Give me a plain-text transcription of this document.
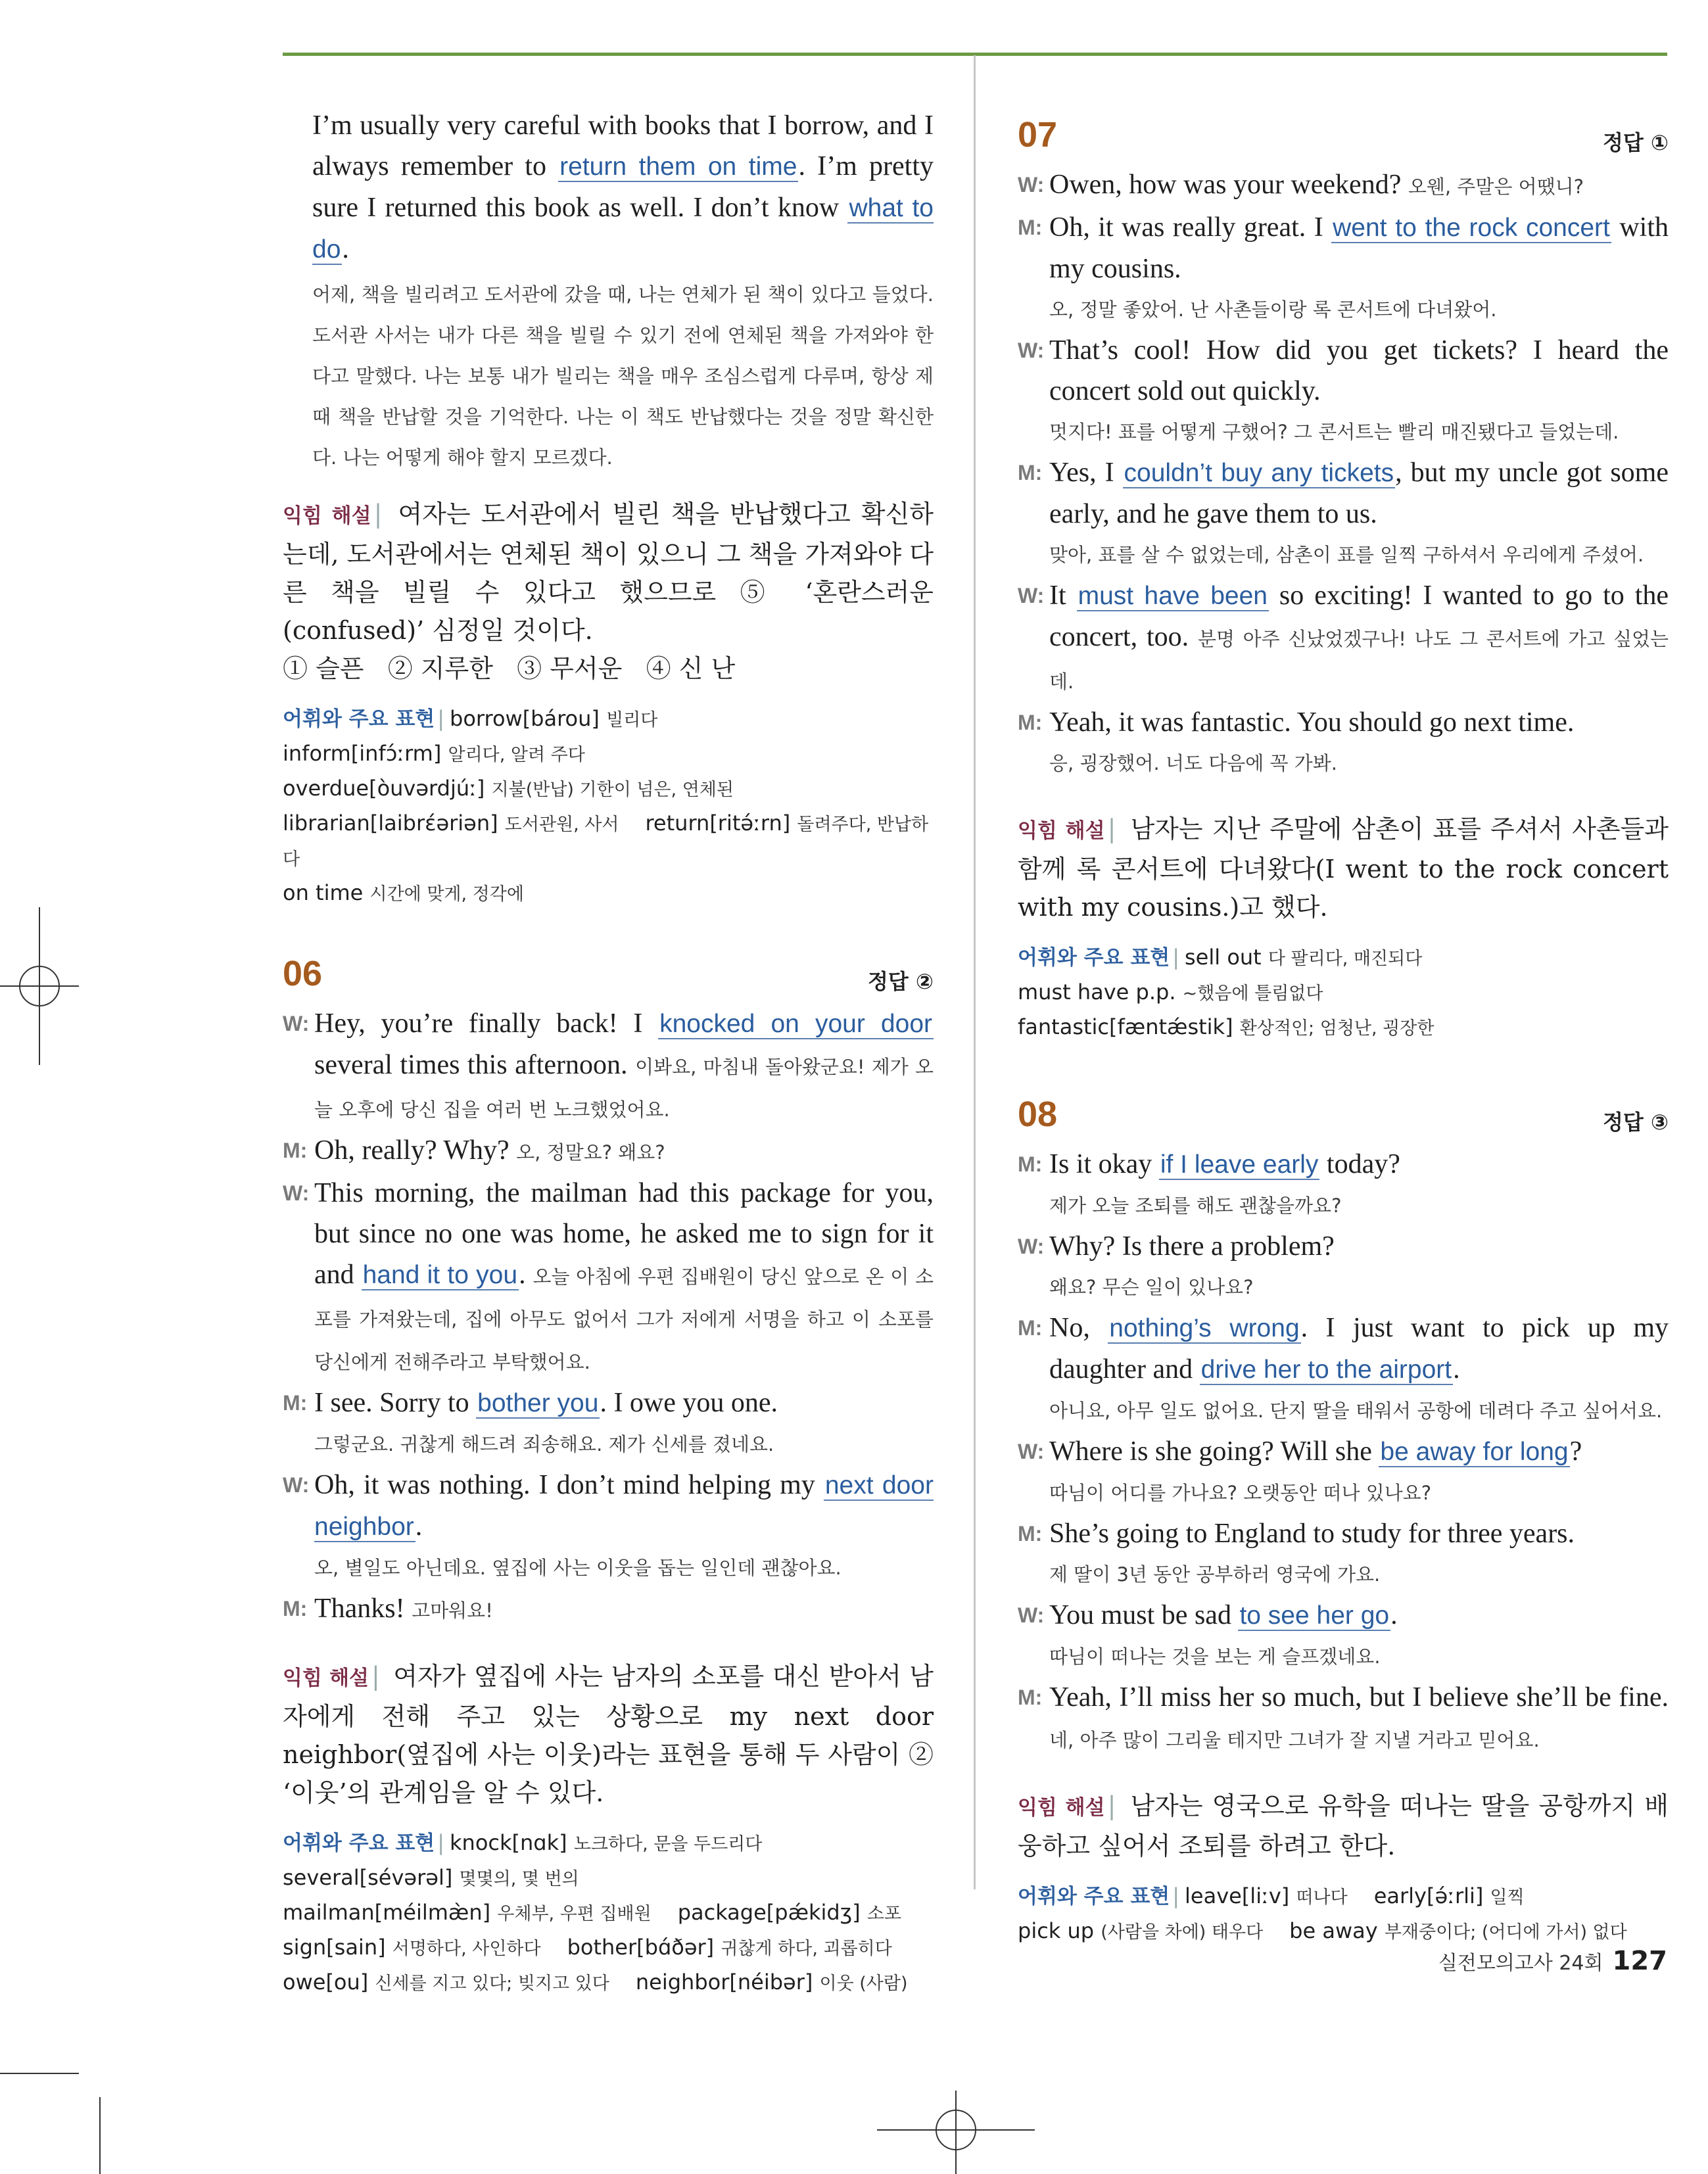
I’m usually very careful with books that I borrow, and I always remember to return them on time. I’m pretty sure I returned this book as well. I don’t know what to do.

어제, 책을 빌리려고 도서관에 갔을 때, 나는 연체가 된 책이 있다고 들었다. 도서관 사서는 내가 다른 책을 빌릴 수 있기 전에 연체된 책을 가져와야 한다고 말했다. 나는 보통 내가 빌리는 책을 매우 조심스럽게 다루며, 항상 제때 책을 반납할 것을 기억한다. 나는 이 책도 반납했다는 것을 정말 확신한다. 나는 어떻게 해야 할지 모르겠다.

익힘 해설 | 여자는 도서관에서 빌린 책을 반납했다고 확신하는데, 도서관에서는 연체된 책이 있으니 그 책을 가져와야 다른 책을 빌릴 수 있다고 했으므로 ⑤ ‘혼란스러운(confused)’ 심정일 것이다.
① 슬픈   ② 지루한   ③ 무서운   ④ 신 난
어휘와 주요 표현 | borrow[bárou] 빌리다
inform[infɔ́ːrm] 알리다, 알려 주다
overdue[òuvərdjúː] 지불(반납) 기한이 넘은, 연체된
librarian[laibrέəriən] 도서관원, 사서 return[ritə́ːrn] 돌려주다, 반납하다
on time 시간에 맞게, 정각에
06	정답 ②
W: Hey, you’re finally back! I knocked on your door several times this afternoon. 이봐요, 마침내 돌아왔군요! 제가 오늘 오후에 당신 집을 여러 번 노크했었어요.
M: Oh, really? Why? 오, 정말요? 왜요?
W: This morning, the mailman had this package for you, but since no one was home, he asked me to sign for it and hand it to you. 오늘 아침에 우편 집배원이 당신 앞으로 온 이 소포를 가져왔는데, 집에 아무도 없어서 그가 저에게 서명을 하고 이 소포를 당신에게 전해주라고 부탁했어요.
M: I see. Sorry to bother you. I owe you one.

그렇군요. 귀찮게 해드려 죄송해요. 제가 신세를 졌네요.

W: Oh, it was nothing. I don’t mind helping my next door neighbor.

오, 별일도 아닌데요. 옆집에 사는 이웃을 돕는 일인데 괜찮아요.

M: Thanks! 고마워요!
익힘 해설 | 여자가 옆집에 사는 남자의 소포를 대신 받아서 남자에게 전해 주고 있는 상황으로 my next door neighbor(옆집에 사는 이웃)라는 표현을 통해 두 사람이 ② ‘이웃’의 관계임을 알 수 있다.
어휘와 주요 표현 | knock[nɑk] 노크하다, 문을 두드리다
several[sévərəl] 몇몇의, 몇 번의
mailman[méilmæ̀n] 우체부, 우편 집배원 package[pǽkidʒ] 소포
sign[sain] 서명하다, 사인하다 bother[bɑ́ðər] 귀찮게 하다, 괴롭히다
owe[ou] 신세를 지고 있다; 빚지고 있다 neighbor[néibər] 이웃 (사람)
07	정답 ①
W: Owen, how was your weekend? 오웬, 주말은 어땠니?
M: Oh, it was really great. I went to the rock concert with my cousins.

오, 정말 좋았어. 난 사촌들이랑 록 콘서트에 다녀왔어.

W: That’s cool! How did you get tickets? I heard the concert sold out quickly.

멋지다! 표를 어떻게 구했어? 그 콘서트는 빨리 매진됐다고 들었는데.

M: Yes, I couldn’t buy any tickets, but my uncle got some early, and he gave them to us.

맞아, 표를 살 수 없었는데, 삼촌이 표를 일찍 구하셔서 우리에게 주셨어.

W: It must have been so exciting! I wanted to go to the concert, too. 분명 아주 신났었겠구나! 나도 그 콘서트에 가고 싶었는데.
M: Yeah, it was fantastic. You should go next time.

응, 굉장했어. 너도 다음에 꼭 가봐.

익힘 해설 | 남자는 지난 주말에 삼촌이 표를 주셔서 사촌들과 함께 록 콘서트에 다녀왔다(I went to the rock concert with my cousins.)고 했다.
어휘와 주요 표현 | sell out 다 팔리다, 매진되다
must have p.p. ~했음에 틀림없다
fantastic[fæntǽstik] 환상적인; 엄청난, 굉장한
08	정답 ③
M: Is it okay if I leave early today?

제가 오늘 조퇴를 해도 괜찮을까요?

W: Why? Is there a problem?

왜요? 무슨 일이 있나요?

M: No, nothing’s wrong. I just want to pick up my daughter and drive her to the airport.

아니요, 아무 일도 없어요. 단지 딸을 태워서 공항에 데려다 주고 싶어서요.

W: Where is she going? Will she be away for long?

따님이 어디를 가나요? 오랫동안 떠나 있나요?

M: She’s going to England to study for three years.

제 딸이 3년 동안 공부하러 영국에 가요.

W: You must be sad to see her go.

따님이 떠나는 것을 보는 게 슬프겠네요.

M: Yeah, I’ll miss her so much, but I believe she’ll be fine. 네, 아주 많이 그리울 테지만 그녀가 잘 지낼 거라고 믿어요.
익힘 해설 | 남자는 영국으로 유학을 떠나는 딸을 공항까지 배웅하고 싶어서 조퇴를 하려고 한다.
어휘와 주요 표현 | leave[liːv] 떠나다 early[ə́ːrli] 일찍
pick up (사람을 차에) 태우다 be away 부재중이다; (어디에 가서) 없다
실전모의고사 24회 127
